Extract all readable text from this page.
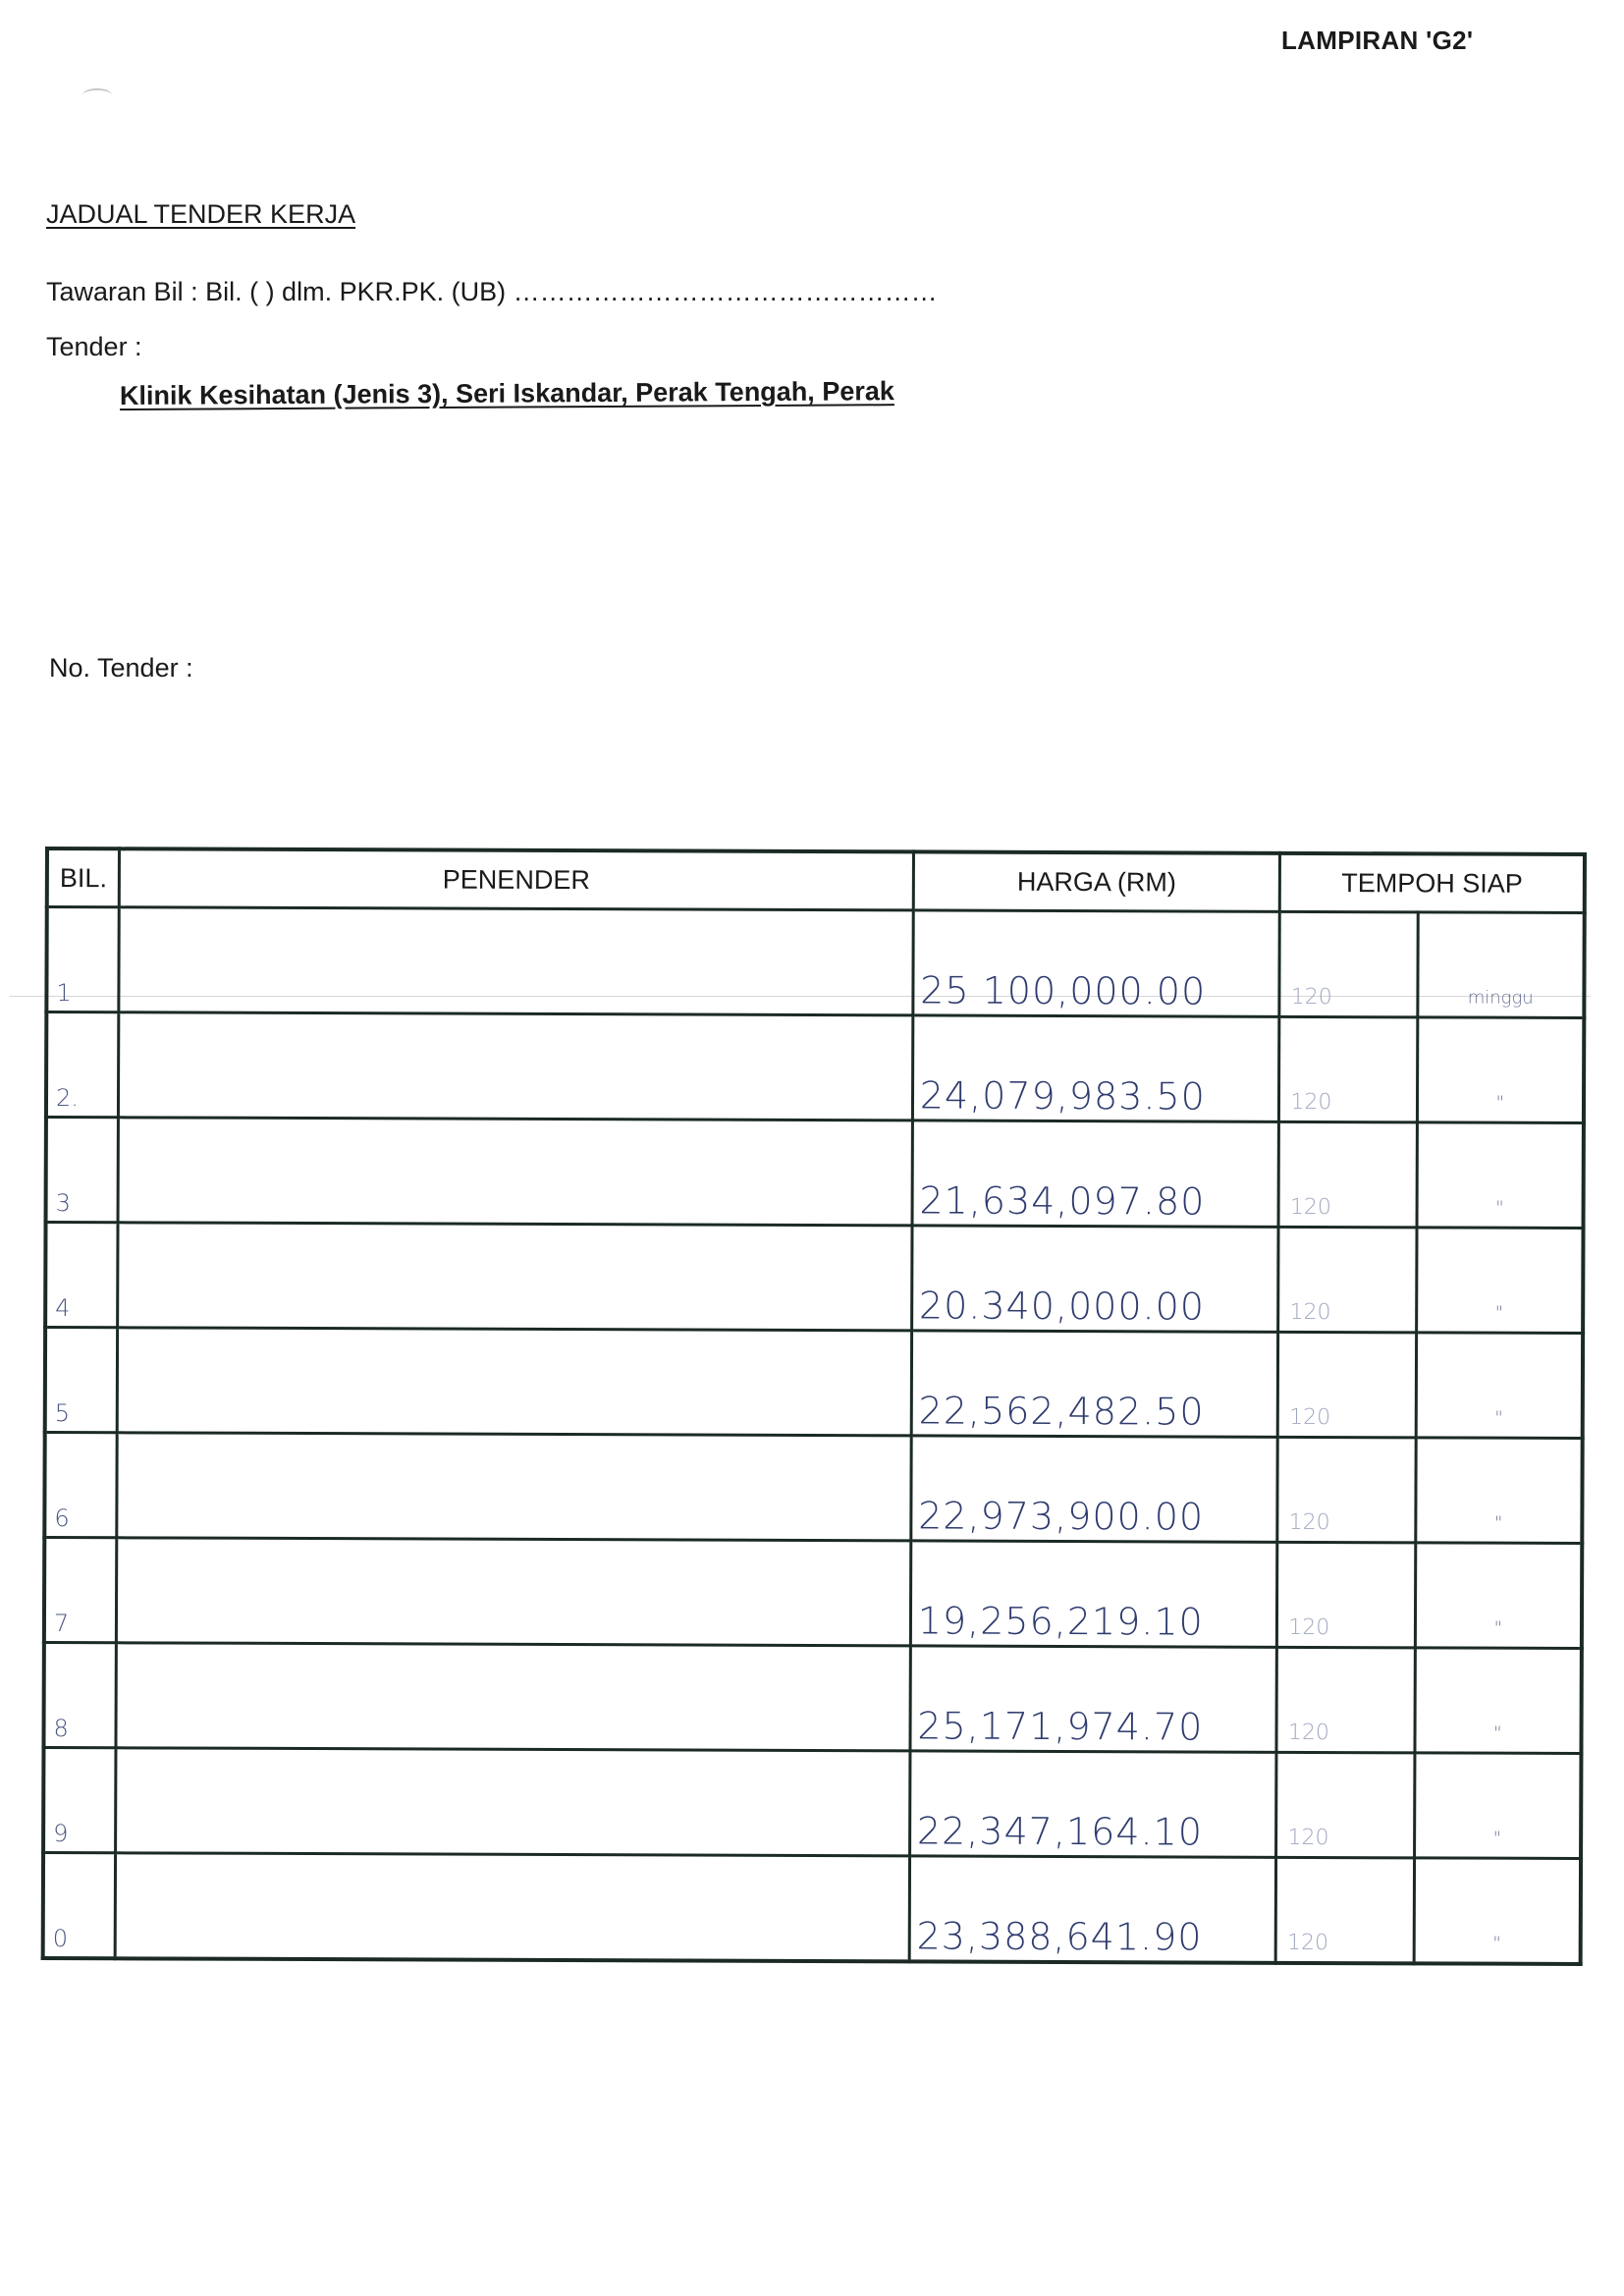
LAMPIRAN 'G2'
JADUAL TENDER KERJA
Tawaran Bil : Bil. ( ) dlm. PKR.PK. (UB) …………………………………………
Tender :
Klinik Kesihatan (Jenis 3), Seri Iskandar, Perak Tengah, Perak
No. Tender :
BIL.	PENENDER	HARGA (RM)	TEMPOH SIAP	
1		25 100,000.00	120	minggu
2.		24,079,983.50	120	"
3		21,634,097.80	120	"
4		20.340,000.00	120	"
5		22,562,482.50	120	"
6		22,973,900.00	120	"
7		19,256,219.10	120	"
8		25,171,974.70	120	"
9		22,347,164.10	120	"
0		23,388,641.90	120	"
